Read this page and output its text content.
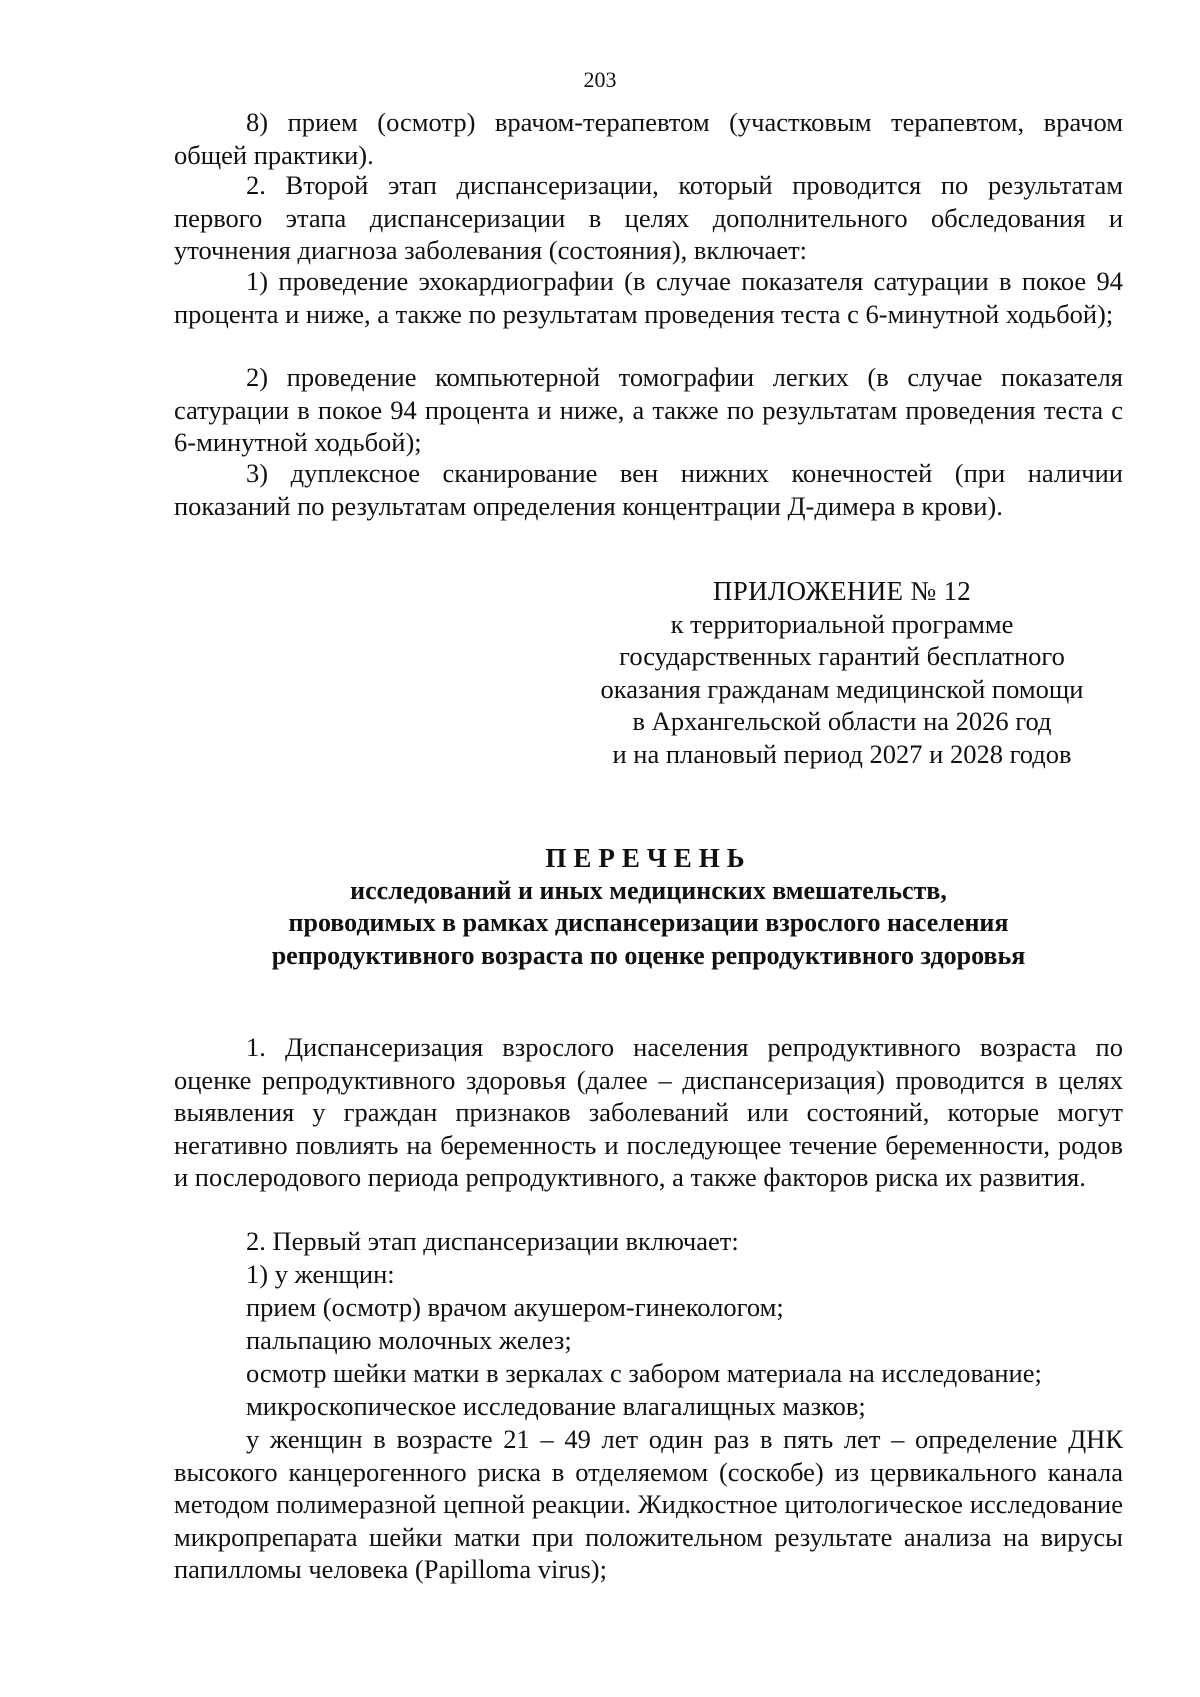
203

8) прием (осмотр) врачом-терапевтом (участковым терапевтом, врачом общей практики).

2. Второй этап диспансеризации, который проводится по результатам первого этапа диспансеризации в целях дополнительного обследования и уточнения диагноза заболевания (состояния), включает:

1) проведение эхокардиографии (в случае показателя сатурации в покое 94 процента и ниже, а также по результатам проведения теста с 6-минутной ходьбой);

2) проведение компьютерной томографии легких (в случае показателя сатурации в покое 94 процента и ниже, а также по результатам проведения теста с 6-минутной ходьбой);

3) дуплексное сканирование вен нижних конечностей (при наличии показаний по результатам определения концентрации Д-димера в крови).

ПРИЛОЖЕНИЕ № 12
к территориальной программе
государственных гарантий бесплатного
оказания гражданам медицинской помощи
в Архангельской области на 2026 год
и на плановый период 2027 и 2028 годов
ПЕРЕЧЕНЬ
исследований и иных медицинских вмешательств,
проводимых в рамках диспансеризации взрослого населения
репродуктивного возраста по оценке репродуктивного здоровья

1. Диспансеризация взрослого населения репродуктивного возраста по оценке репродуктивного здоровья (далее – диспансеризация) проводится в целях выявления у граждан признаков заболеваний или состояний, которые могут негативно повлиять на беременность и последующее течение беременности, родов и послеродового периода репродуктивного, а также факторов риска их развития.

2. Первый этап диспансеризации включает:

1) у женщин:

прием (осмотр) врачом акушером-гинекологом;

пальпацию молочных желез;

осмотр шейки матки в зеркалах с забором материала на исследование;

микроскопическое исследование влагалищных мазков;

у женщин в возрасте 21 – 49 лет один раз в пять лет – определение ДНК высокого канцерогенного риска в отделяемом (соскобе) из цервикального канала методом полимеразной цепной реакции. Жидкостное цитологическое исследование микропрепарата шейки матки при положительном результате анализа на вирусы папилломы человека (Papilloma virus);
